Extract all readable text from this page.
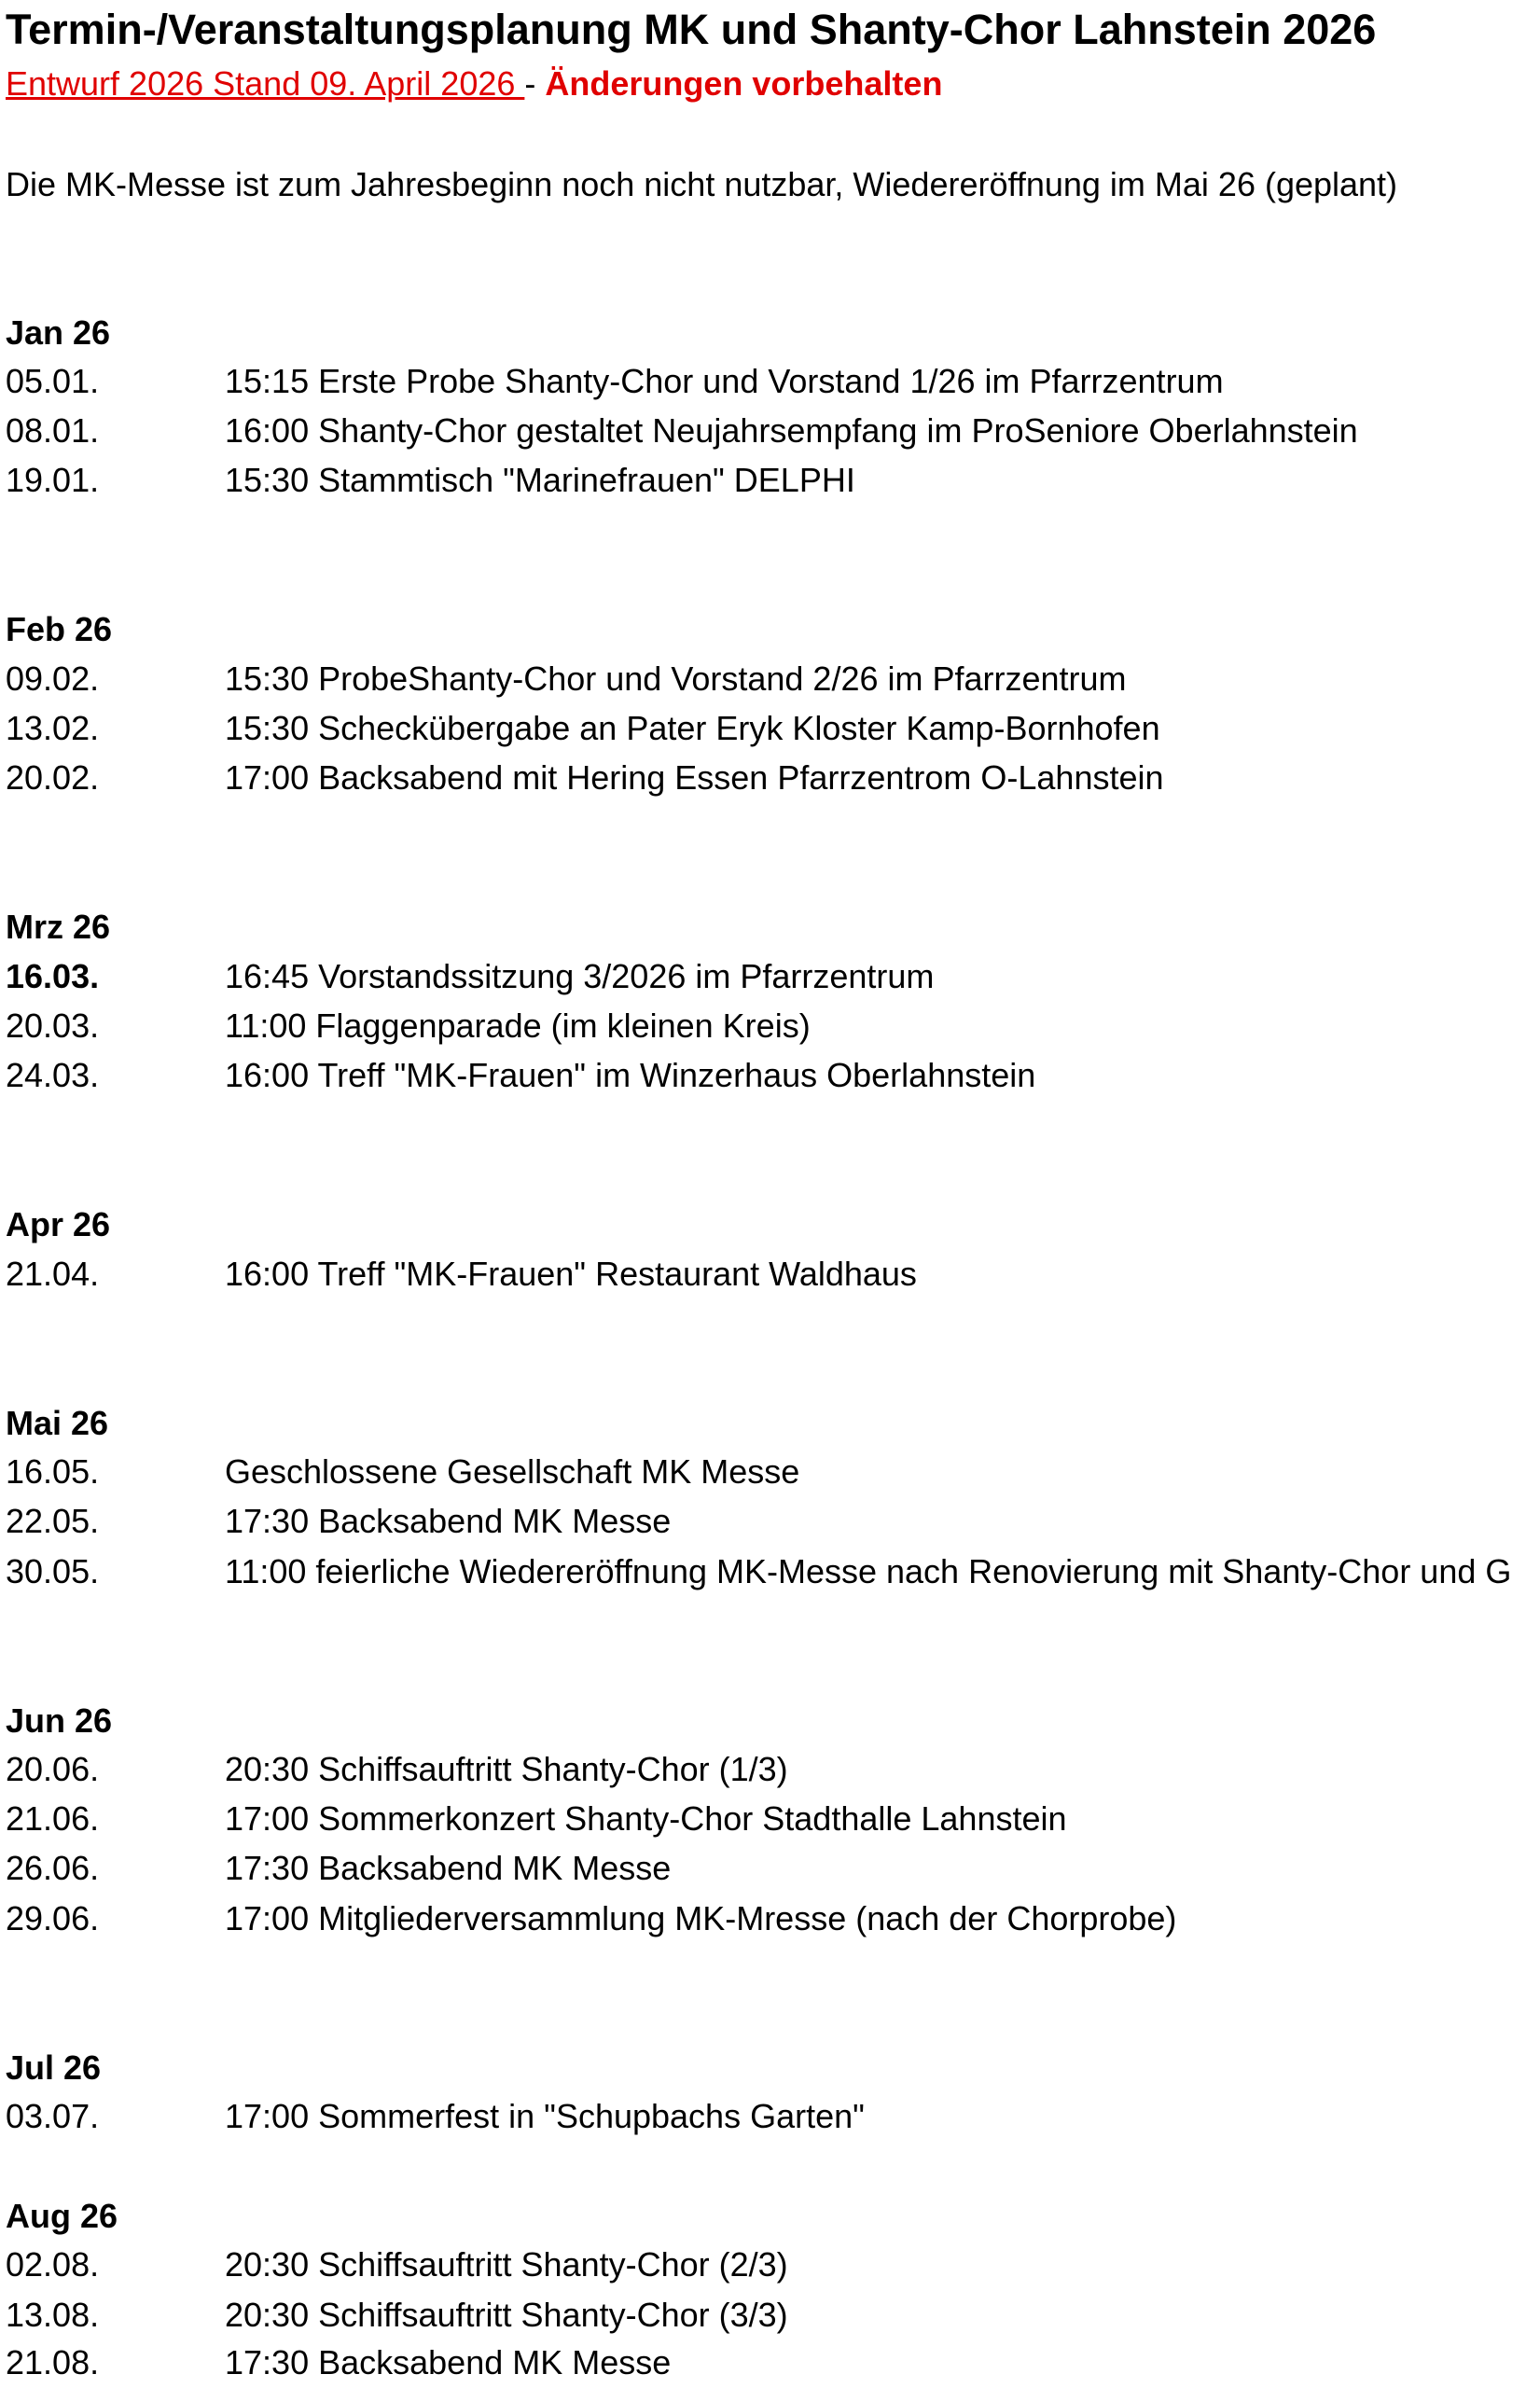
Termin-/Veranstaltungsplanung MK und Shanty-Chor Lahnstein 2026
Entwurf 2026 Stand 09. April 2026 - Änderungen vorbehalten
Die MK-Messe ist zum Jahresbeginn noch nicht nutzbar, Wiedereröffnung im Mai 26 (geplant)
Jan 26
05.01.	15:15 Erste Probe Shanty-Chor und Vorstand 1/26 im Pfarrzentrum
08.01.	16:00 Shanty-Chor gestaltet Neujahrsempfang im ProSeniore Oberlahnstein
19.01.	15:30 Stammtisch "Marinefrauen" DELPHI
Feb 26
09.02.	15:30 ProbeShanty-Chor und Vorstand 2/26 im Pfarrzentrum
13.02.	15:30 Scheckübergabe an Pater Eryk Kloster Kamp-Bornhofen
20.02.	17:00 Backsabend mit Hering Essen Pfarrzentrom O-Lahnstein
Mrz 26
16.03.	16:45 Vorstandssitzung 3/2026 im Pfarrzentrum
20.03.	11:00 Flaggenparade (im kleinen Kreis)
24.03.	16:00 Treff "MK-Frauen" im Winzerhaus Oberlahnstein
Apr 26
21.04.	16:00 Treff "MK-Frauen" Restaurant Waldhaus
Mai 26
16.05.	Geschlossene Gesellschaft MK Messe
22.05.	17:30 Backsabend MK Messe
30.05.	11:00 feierliche Wiedereröffnung MK-Messe nach Renovierung mit Shanty-Chor und G
Jun 26
20.06.	20:30 Schiffsauftritt Shanty-Chor (1/3)
21.06.	17:00 Sommerkonzert Shanty-Chor Stadthalle Lahnstein
26.06.	17:30 Backsabend MK Messe
29.06.	17:00 Mitgliederversammlung MK-Mresse (nach der Chorprobe)
Jul 26
03.07.	17:00 Sommerfest in "Schupbachs Garten"
Aug 26
02.08.	20:30 Schiffsauftritt Shanty-Chor (2/3)
13.08.	20:30 Schiffsauftritt Shanty-Chor (3/3)
21.08.	17:30 Backsabend MK Messe
